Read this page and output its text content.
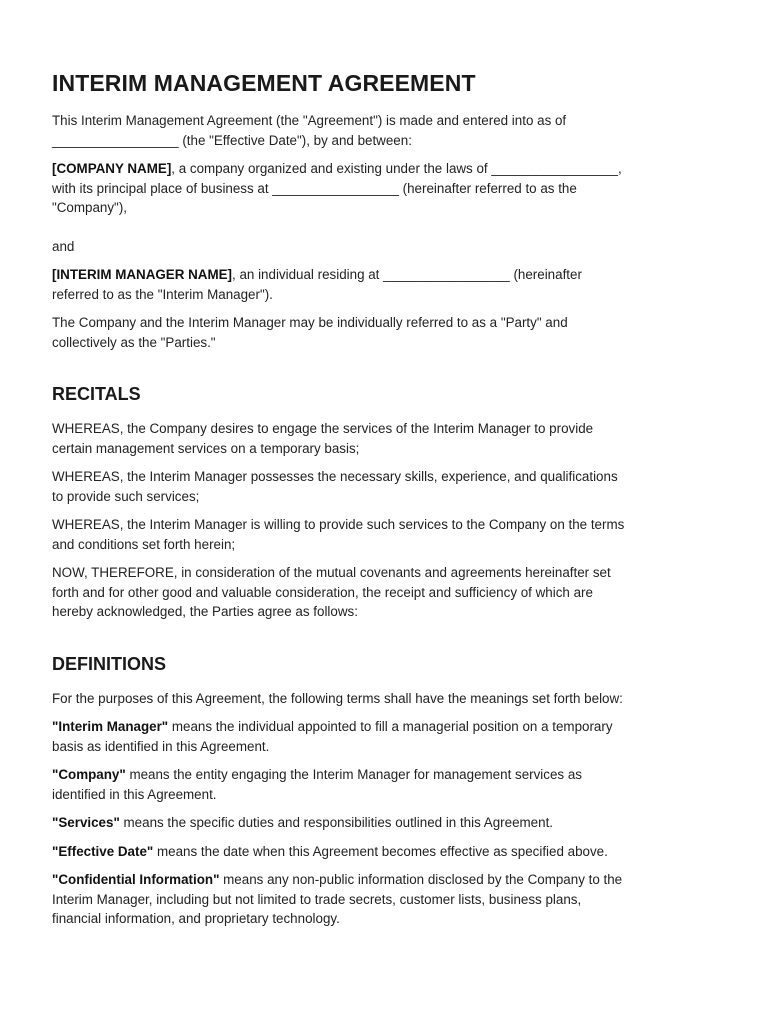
INTERIM MANAGEMENT AGREEMENT

This Interim Management Agreement (the "Agreement") is made and entered into as of
_________________ (the "Effective Date"), by and between:

[COMPANY NAME], a company organized and existing under the laws of _________________,
with its principal place of business at _________________ (hereinafter referred to as the
"Company"),

and

[INTERIM MANAGER NAME], an individual residing at _________________ (hereinafter
referred to as the "Interim Manager").

The Company and the Interim Manager may be individually referred to as a "Party" and
collectively as the "Parties."

RECITALS

WHEREAS, the Company desires to engage the services of the Interim Manager to provide
certain management services on a temporary basis;

WHEREAS, the Interim Manager possesses the necessary skills, experience, and qualifications
to provide such services;

WHEREAS, the Interim Manager is willing to provide such services to the Company on the terms
and conditions set forth herein;

NOW, THEREFORE, in consideration of the mutual covenants and agreements hereinafter set
forth and for other good and valuable consideration, the receipt and sufficiency of which are
hereby acknowledged, the Parties agree as follows:

DEFINITIONS

For the purposes of this Agreement, the following terms shall have the meanings set forth below:

"Interim Manager" means the individual appointed to fill a managerial position on a temporary
basis as identified in this Agreement.

"Company" means the entity engaging the Interim Manager for management services as
identified in this Agreement.

"Services" means the specific duties and responsibilities outlined in this Agreement.

"Effective Date" means the date when this Agreement becomes effective as specified above.

"Confidential Information" means any non-public information disclosed by the Company to the
Interim Manager, including but not limited to trade secrets, customer lists, business plans,
financial information, and proprietary technology.
